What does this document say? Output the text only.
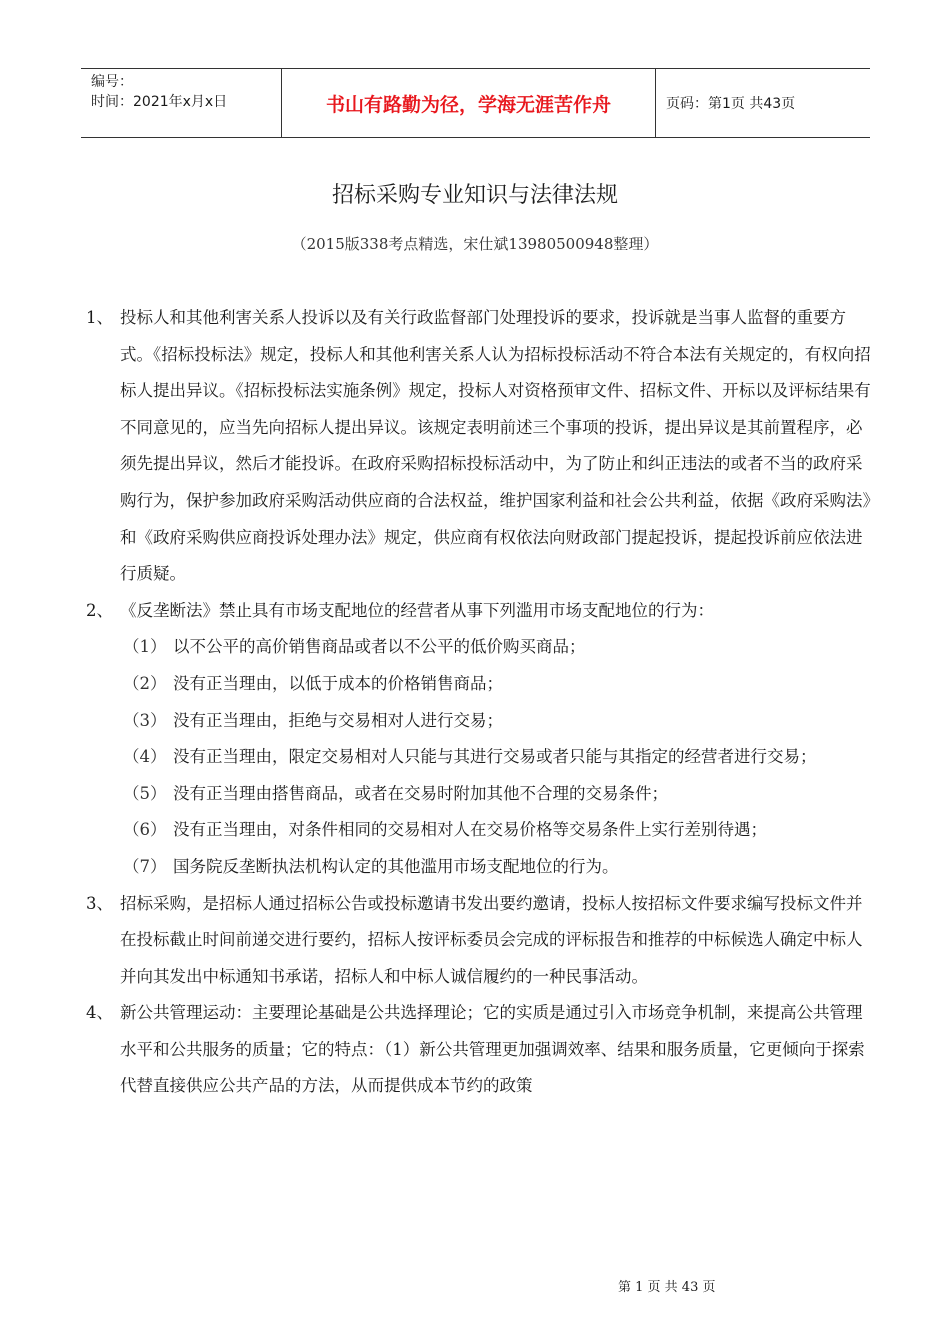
编号：
时间：2021年x月x日	书山有路勤为径，学海无涯苦作舟	页码：第1页 共43页
招标采购专业知识与法律法规
（2015版338考点精选，宋仕斌13980500948整理）
1、 投标人和其他利害关系人投诉以及有关行政监督部门处理投诉的要求，投诉就是当事人监督的重要方式。《招标投标法》规定，投标人和其他利害关系人认为招标投标活动不符合本法有关规定的，有权向招标人提出异议。《招标投标法实施条例》规定，投标人对资格预审文件、招标文件、开标以及评标结果有不同意见的，应当先向招标人提出异议。该规定表明前述三个事项的投诉，提出异议是其前置程序，必须先提出异议，然后才能投诉。在政府采购招标投标活动中，为了防止和纠正违法的或者不当的政府采购行为，保护参加政府采购活动供应商的合法权益，维护国家利益和社会公共利益，依据《政府采购法》和《政府采购供应商投诉处理办法》规定，供应商有权依法向财政部门提起投诉，提起投诉前应依法进行质疑。
2、 《反垄断法》禁止具有市场支配地位的经营者从事下列滥用市场支配地位的行为：
（1） 以不公平的高价销售商品或者以不公平的低价购买商品；
（2） 没有正当理由，以低于成本的价格销售商品；
（3） 没有正当理由，拒绝与交易相对人进行交易；
（4） 没有正当理由，限定交易相对人只能与其进行交易或者只能与其指定的经营者进行交易；
（5） 没有正当理由搭售商品，或者在交易时附加其他不合理的交易条件；
（6） 没有正当理由，对条件相同的交易相对人在交易价格等交易条件上实行差别待遇；
（7） 国务院反垄断执法机构认定的其他滥用市场支配地位的行为。
3、 招标采购，是招标人通过招标公告或投标邀请书发出要约邀请，投标人按招标文件要求编写投标文件并在投标截止时间前递交进行要约，招标人按评标委员会完成的评标报告和推荐的中标候选人确定中标人并向其发出中标通知书承诺，招标人和中标人诚信履约的一种民事活动。
4、 新公共管理运动：主要理论基础是公共选择理论；它的实质是通过引入市场竞争机制，来提高公共管理水平和公共服务的质量；它的特点：（1）新公共管理更加强调效率、结果和服务质量，它更倾向于探索代替直接供应公共产品的方法，从而提供成本节约的政策
第 1 页 共 43 页
